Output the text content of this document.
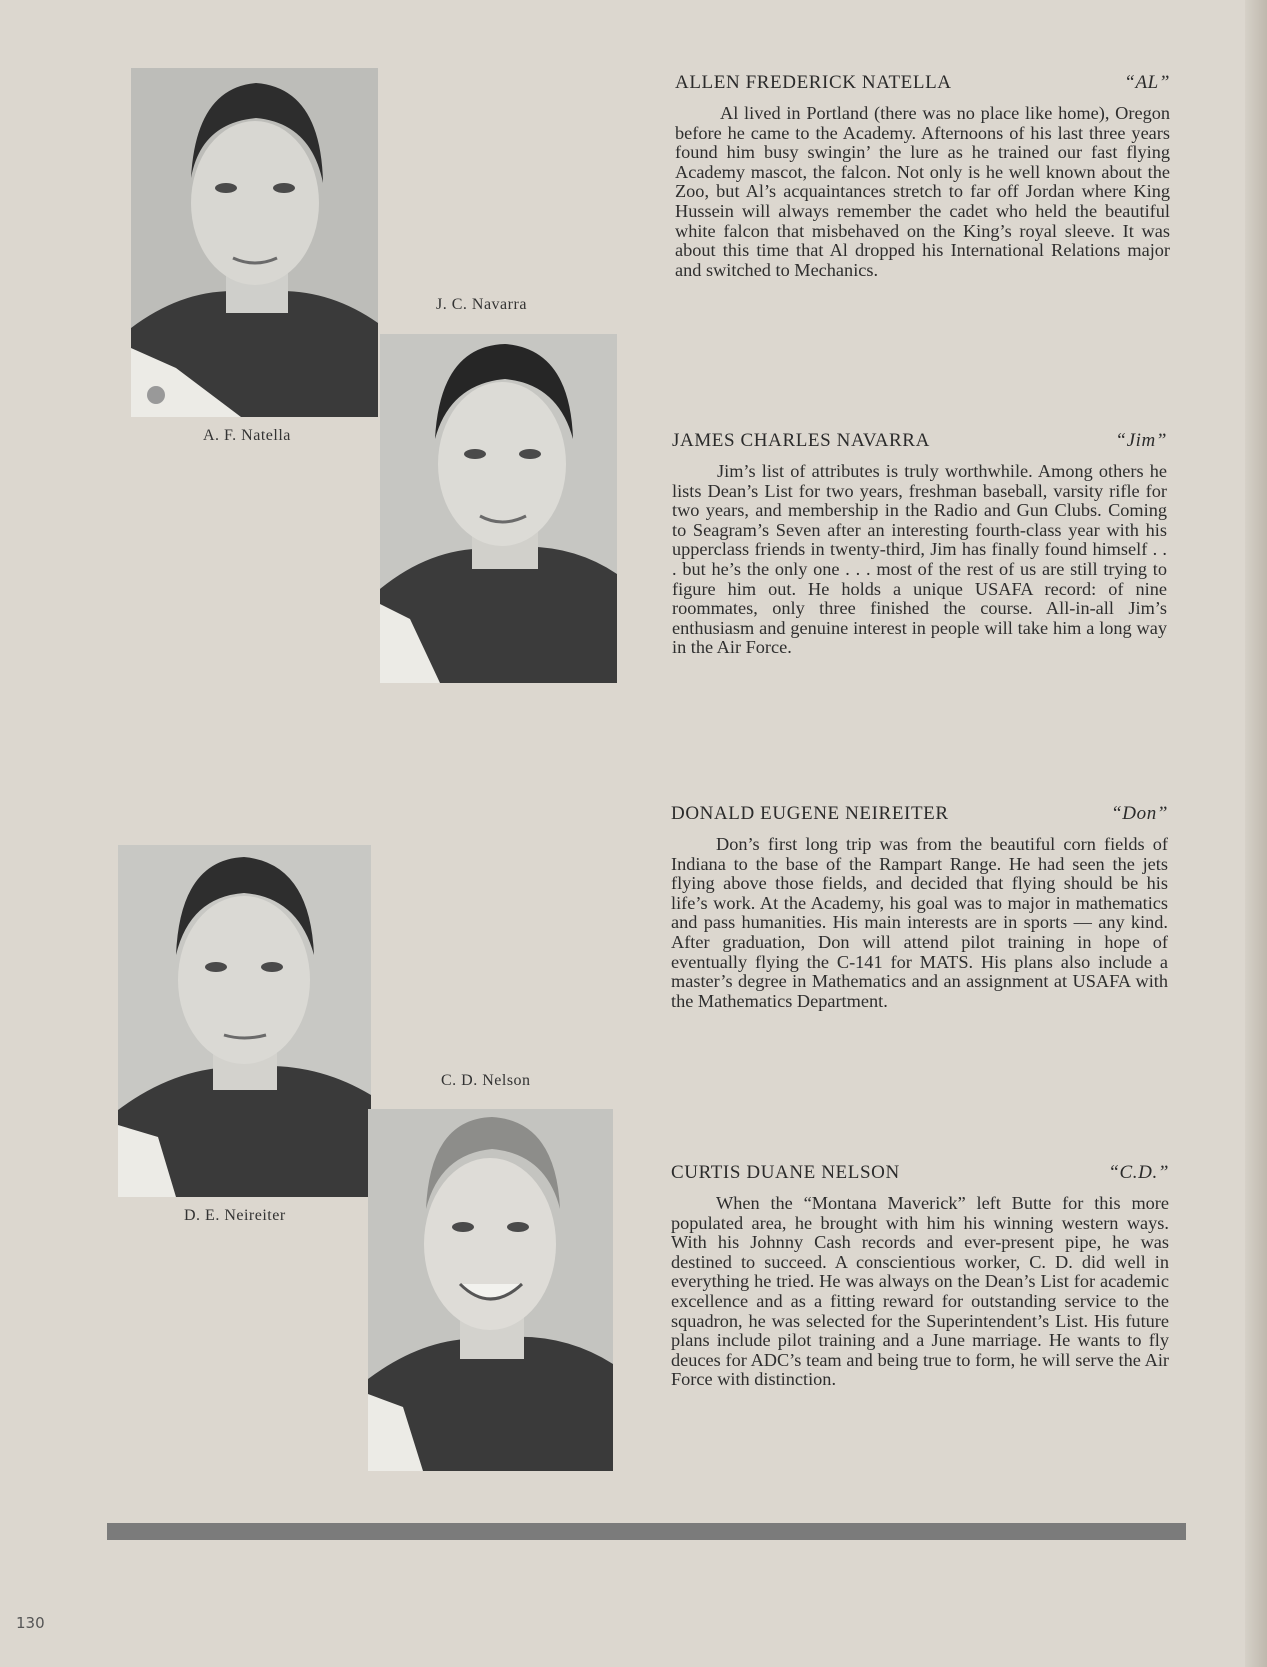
A. F. Natella
J. C. Navarra
D. E. Neireiter
C. D. Nelson
ALLEN FREDERICK NATELLA	“AL”

Al lived in Portland (there was no place like home), Oregon before he came to the Academy. Afternoons of his last three years found him busy swingin’ the lure as he trained our fast flying Academy mascot, the falcon. Not only is he well known about the Zoo, but Al’s acquaintances stretch to far off Jordan where King Hussein will always remember the cadet who held the beautiful white falcon that misbehaved on the King’s royal sleeve. It was about this time that Al dropped his International Relations major and switched to Mechanics.

JAMES CHARLES NAVARRA	“Jim”

Jim’s list of attributes is truly worthwhile. Among others he lists Dean’s List for two years, freshman baseball, varsity rifle for two years, and membership in the Radio and Gun Clubs. Coming to Seagram’s Seven after an interesting fourth-class year with his upperclass friends in twenty-third, Jim has finally found himself . . . but he’s the only one . . . most of the rest of us are still trying to figure him out. He holds a unique USAFA record: of nine roommates, only three finished the course. All-in-all Jim’s enthusiasm and genuine interest in people will take him a long way in the Air Force.

DONALD EUGENE NEIREITER	“Don”

Don’s first long trip was from the beautiful corn fields of Indiana to the base of the Rampart Range. He had seen the jets flying above those fields, and decided that flying should be his life’s work. At the Academy, his goal was to major in mathematics and pass humanities. His main interests are in sports — any kind. After graduation, Don will attend pilot training in hope of eventually flying the C-141 for MATS. His plans also include a master’s degree in Mathematics and an assignment at USAFA with the Mathematics Department.

CURTIS DUANE NELSON	“C.D.”

When the “Montana Maverick” left Butte for this more populated area, he brought with him his winning western ways. With his Johnny Cash records and ever-present pipe, he was destined to succeed. A conscientious worker, C. D. did well in everything he tried. He was always on the Dean’s List for academic excellence and as a fitting reward for outstanding service to the squadron, he was selected for the Superintendent’s List. His future plans include pilot training and a June marriage. He wants to fly deuces for ADC’s team and being true to form, he will serve the Air Force with distinction.

130
